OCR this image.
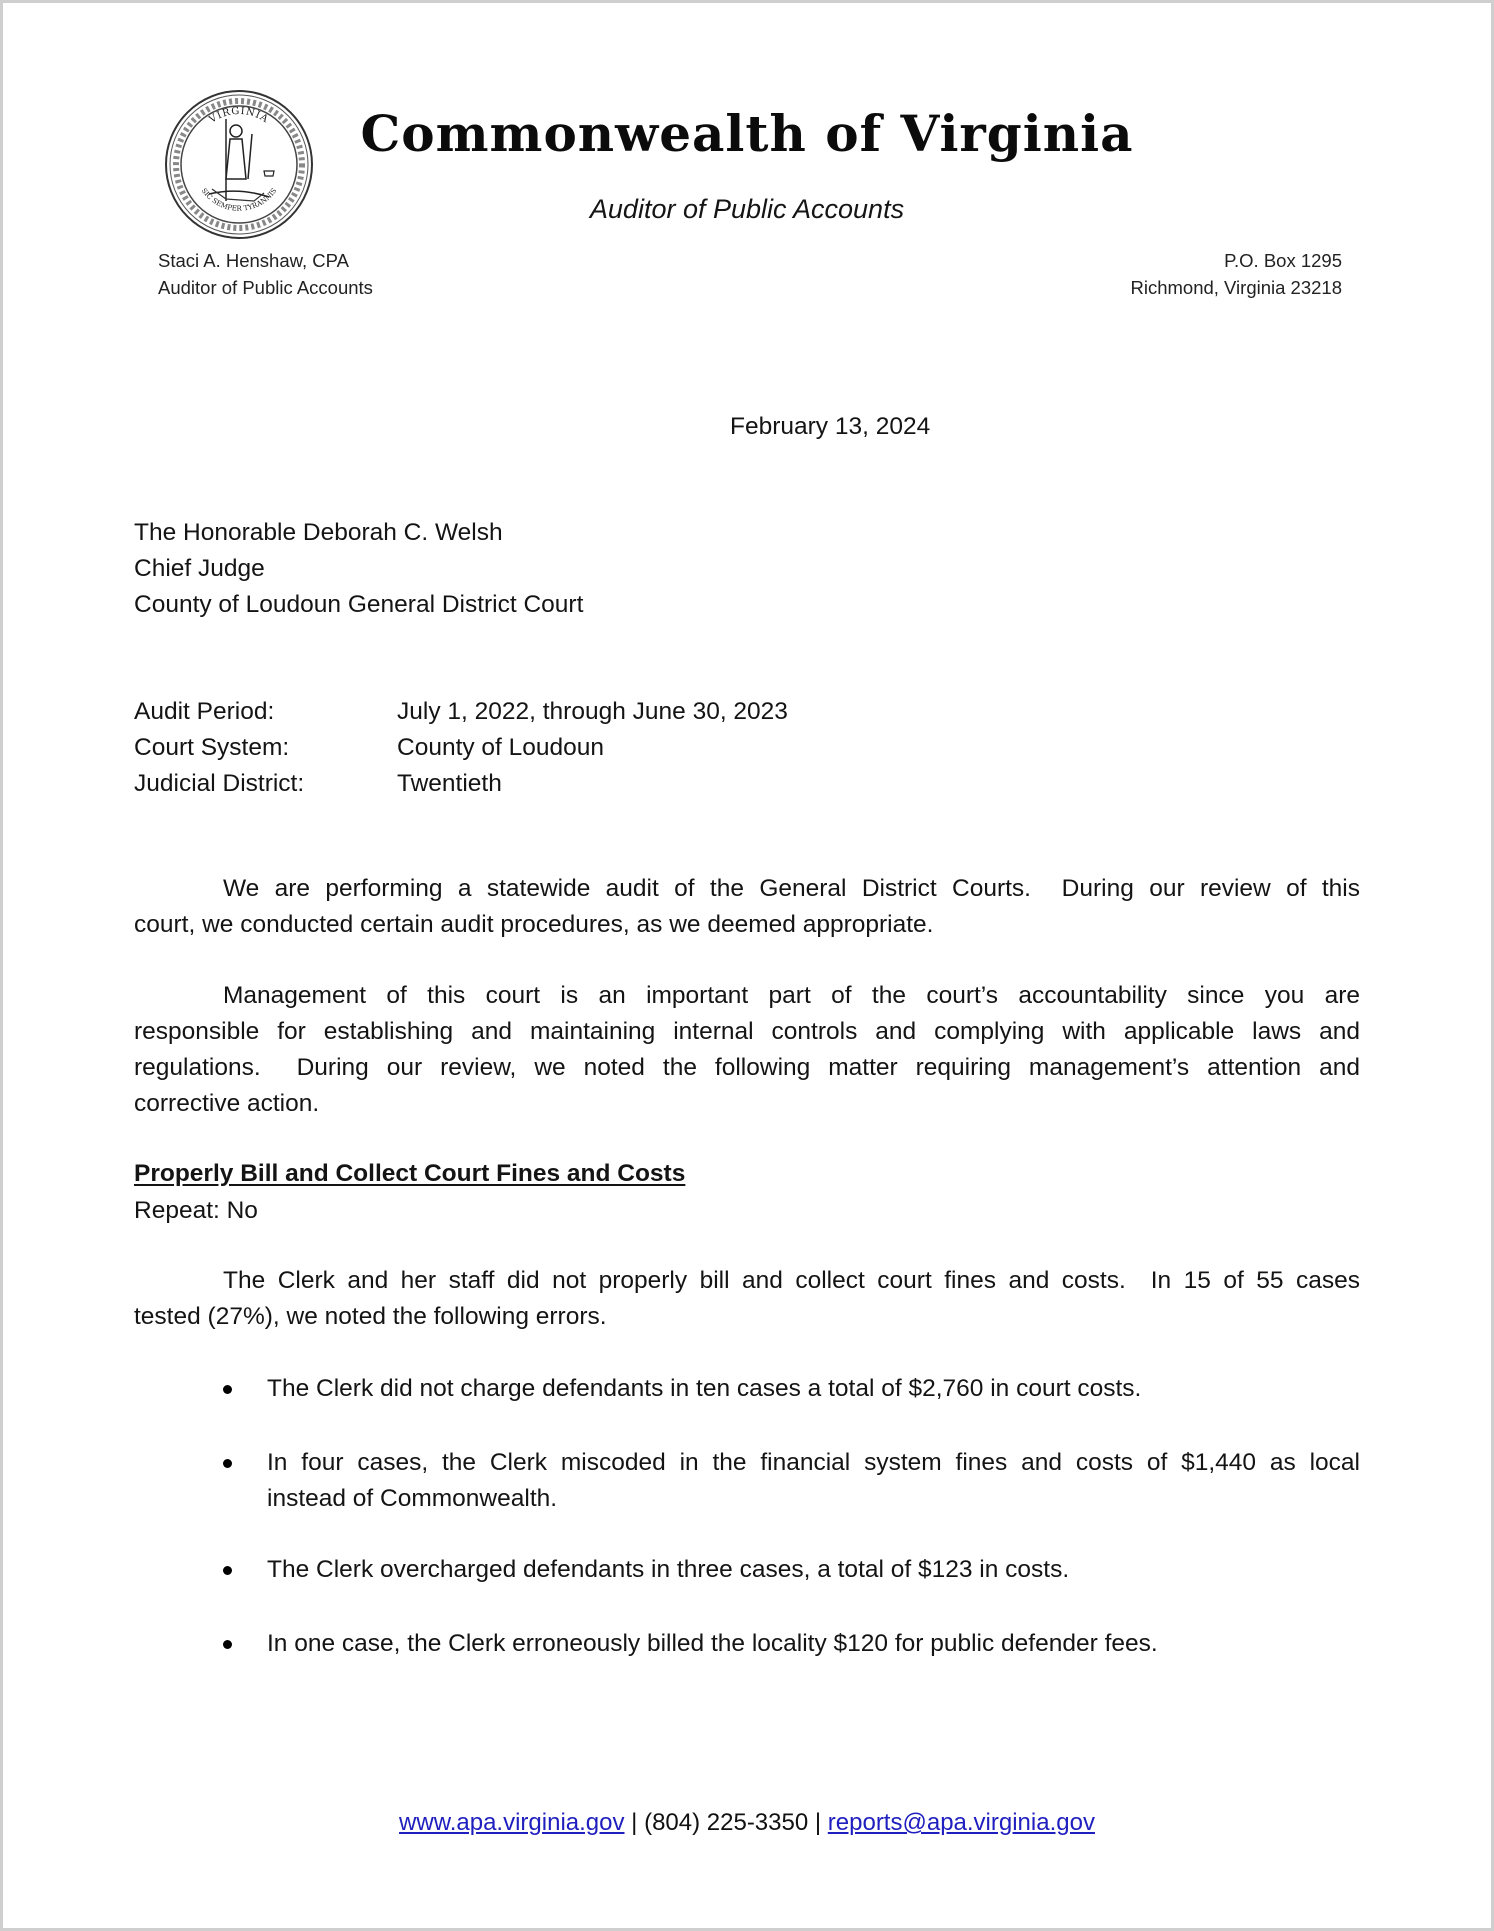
VIRGINIA
SIC SEMPER TYRANNIS
Commonwealth of Virginia
Auditor of Public Accounts
Staci A. Henshaw, CPA
Auditor of Public Accounts
P.O. Box 1295
Richmond, Virginia 23218
February 13, 2024
The Honorable Deborah C. Welsh
Chief Judge
County of Loudoun General District Court
Audit Period:	July 1, 2022, through June 30, 2023
Court System:	County of Loudoun
Judicial District:	Twentieth
We are performing a statewide audit of the General District Courts.  During our review of this
court, we conducted certain audit procedures, as we deemed appropriate.
Management of this court is an important part of the court’s accountability since you are
responsible for establishing and maintaining internal controls and complying with applicable laws and
regulations.  During our review, we noted the following matter requiring management’s attention and
corrective action.
Properly Bill and Collect Court Fines and Costs
Repeat: No
The Clerk and her staff did not properly bill and collect court fines and costs.  In 15 of 55 cases
tested (27%), we noted the following errors.
The Clerk did not charge defendants in ten cases a total of $2,760 in court costs.
In four cases, the Clerk miscoded in the financial system fines and costs of $1,440 as local
instead of Commonwealth.
The Clerk overcharged defendants in three cases, a total of $123 in costs.
In one case, the Clerk erroneously billed the locality $120 for public defender fees.
www.apa.virginia.gov | (804) 225-3350 | reports@apa.virginia.gov
